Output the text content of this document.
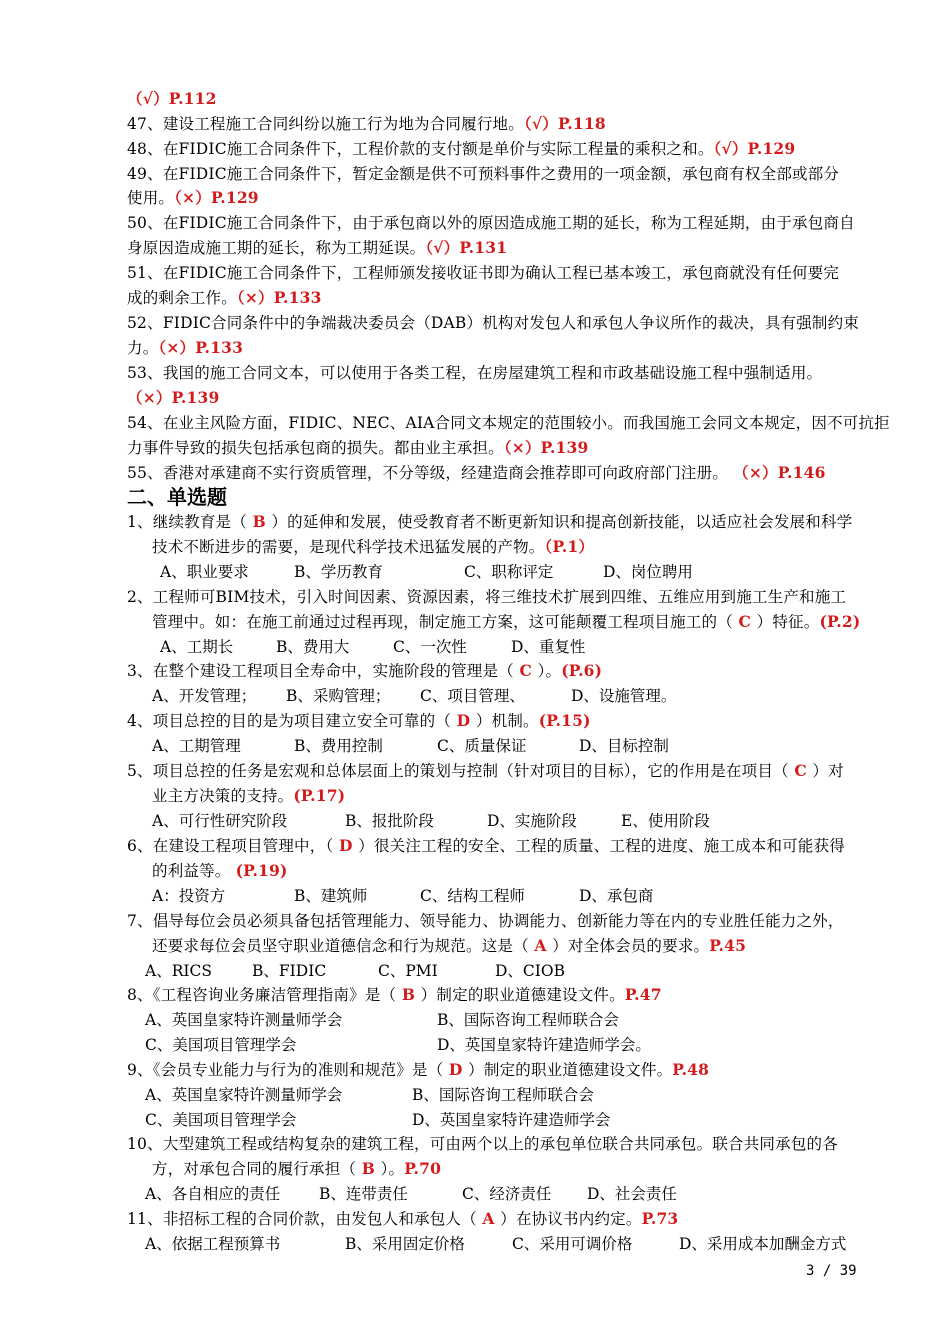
（√）P.112
47、建设工程施工合同纠纷以施工行为地为合同履行地。（√）P.118
48、在FIDIC施工合同条件下，工程价款的支付额是单价与实际工程量的乘积之和。（√）P.129
49、在FIDIC施工合同条件下，暂定金额是供不可预料事件之费用的一项金额，承包商有权全部或部分
使用。（×）P.129
50、在FIDIC施工合同条件下，由于承包商以外的原因造成施工期的延长，称为工程延期，由于承包商自
身原因造成施工期的延长，称为工期延误。（√）P.131
51、在FIDIC施工合同条件下，工程师颁发接收证书即为确认工程已基本竣工，承包商就没有任何要完
成的剩余工作。（×）P.133
52、FIDIC合同条件中的争端裁决委员会（DAB）机构对发包人和承包人争议所作的裁决，具有强制约束
力。（×）P.133
53、我国的施工合同文本，可以使用于各类工程，在房屋建筑工程和市政基础设施工程中强制适用。
（×）P.139
54、在业主风险方面，FIDIC、NEC、AIA合同文本规定的范围较小。而我国施工会同文本规定，因不可抗拒
力事件导致的损失包括承包商的损失。都由业主承担。（×）P.139
55、香港对承建商不实行资质管理，不分等级，经建造商会推荐即可向政府部门注册。 （×）P.146
二、单选题
1、继续教育是（ B ）的延伸和发展，使受教育者不断更新知识和提高创新技能，以适应社会发展和科学
技术不断进步的需要，是现代科学技术迅猛发展的产物。（P.1）
A、职业要求	B、学历教育	C、职称评定	D、岗位聘用
2、工程师可BIM技术，引入时间因素、资源因素，将三维技术扩展到四维、五维应用到施工生产和施工
管理中。如：在施工前通过过程再现，制定施工方案，这可能颠覆工程项目施工的（ C ）特征。(P.2)
A、工期长	B、费用大	C、一次性	D、重复性
3、在整个建设工程项目全寿命中，实施阶段的管理是（ C ）。(P.6)
A、开发管理； B、采购管理； C、项目管理、	D、设施管理。
4、项目总控的目的是为项目建立安全可靠的（ D ）机制。(P.15)
A、工期管理	B、费用控制	C、质量保证	D、目标控制
5、项目总控的任务是宏观和总体层面上的策划与控制（针对项目的目标），它的作用是在项目（ C ）对
业主方决策的支持。(P.17)
A、可行性研究阶段	B、报批阶段	D、实施阶段	E、使用阶段
6、在建设工程项目管理中，（ D ）很关注工程的安全、工程的质量、工程的进度、施工成本和可能获得
的利益等。 (P.19)
A：投资方	B、建筑师	C、结构工程师	D、承包商
7、倡导每位会员必须具备包括管理能力、领导能力、协调能力、创新能力等在内的专业胜任能力之外，
还要求每位会员坚守职业道德信念和行为规范。这是（ A ）对全体会员的要求。P.45
A、RICS	B、FIDIC	C、PMI	D、CIOB
8、《工程咨询业务廉洁管理指南》是（ B ）制定的职业道德建设文件。P.47
A、英国皇家特许测量师学会	B、国际咨询工程师联合会
C、美国项目管理学会	D、英国皇家特许建造师学会。
9、《会员专业能力与行为的准则和规范》是（ D ）制定的职业道德建设文件。P.48
A、英国皇家特许测量师学会	B、国际咨询工程师联合会
C、美国项目管理学会	D、英国皇家特许建造师学会
10、大型建筑工程或结构复杂的建筑工程，可由两个以上的承包单位联合共同承包。联合共同承包的各
方，对承包合同的履行承担（ B ）。P.70
A、各自相应的责任	B、连带责任	C、经济责任 D、社会责任
11、非招标工程的合同价款，由发包人和承包人（ A ）在协议书内约定。P.73
A、依据工程预算书	B、采用固定价格	C、采用可调价格	D、采用成本加酬金方式
3 / 39
